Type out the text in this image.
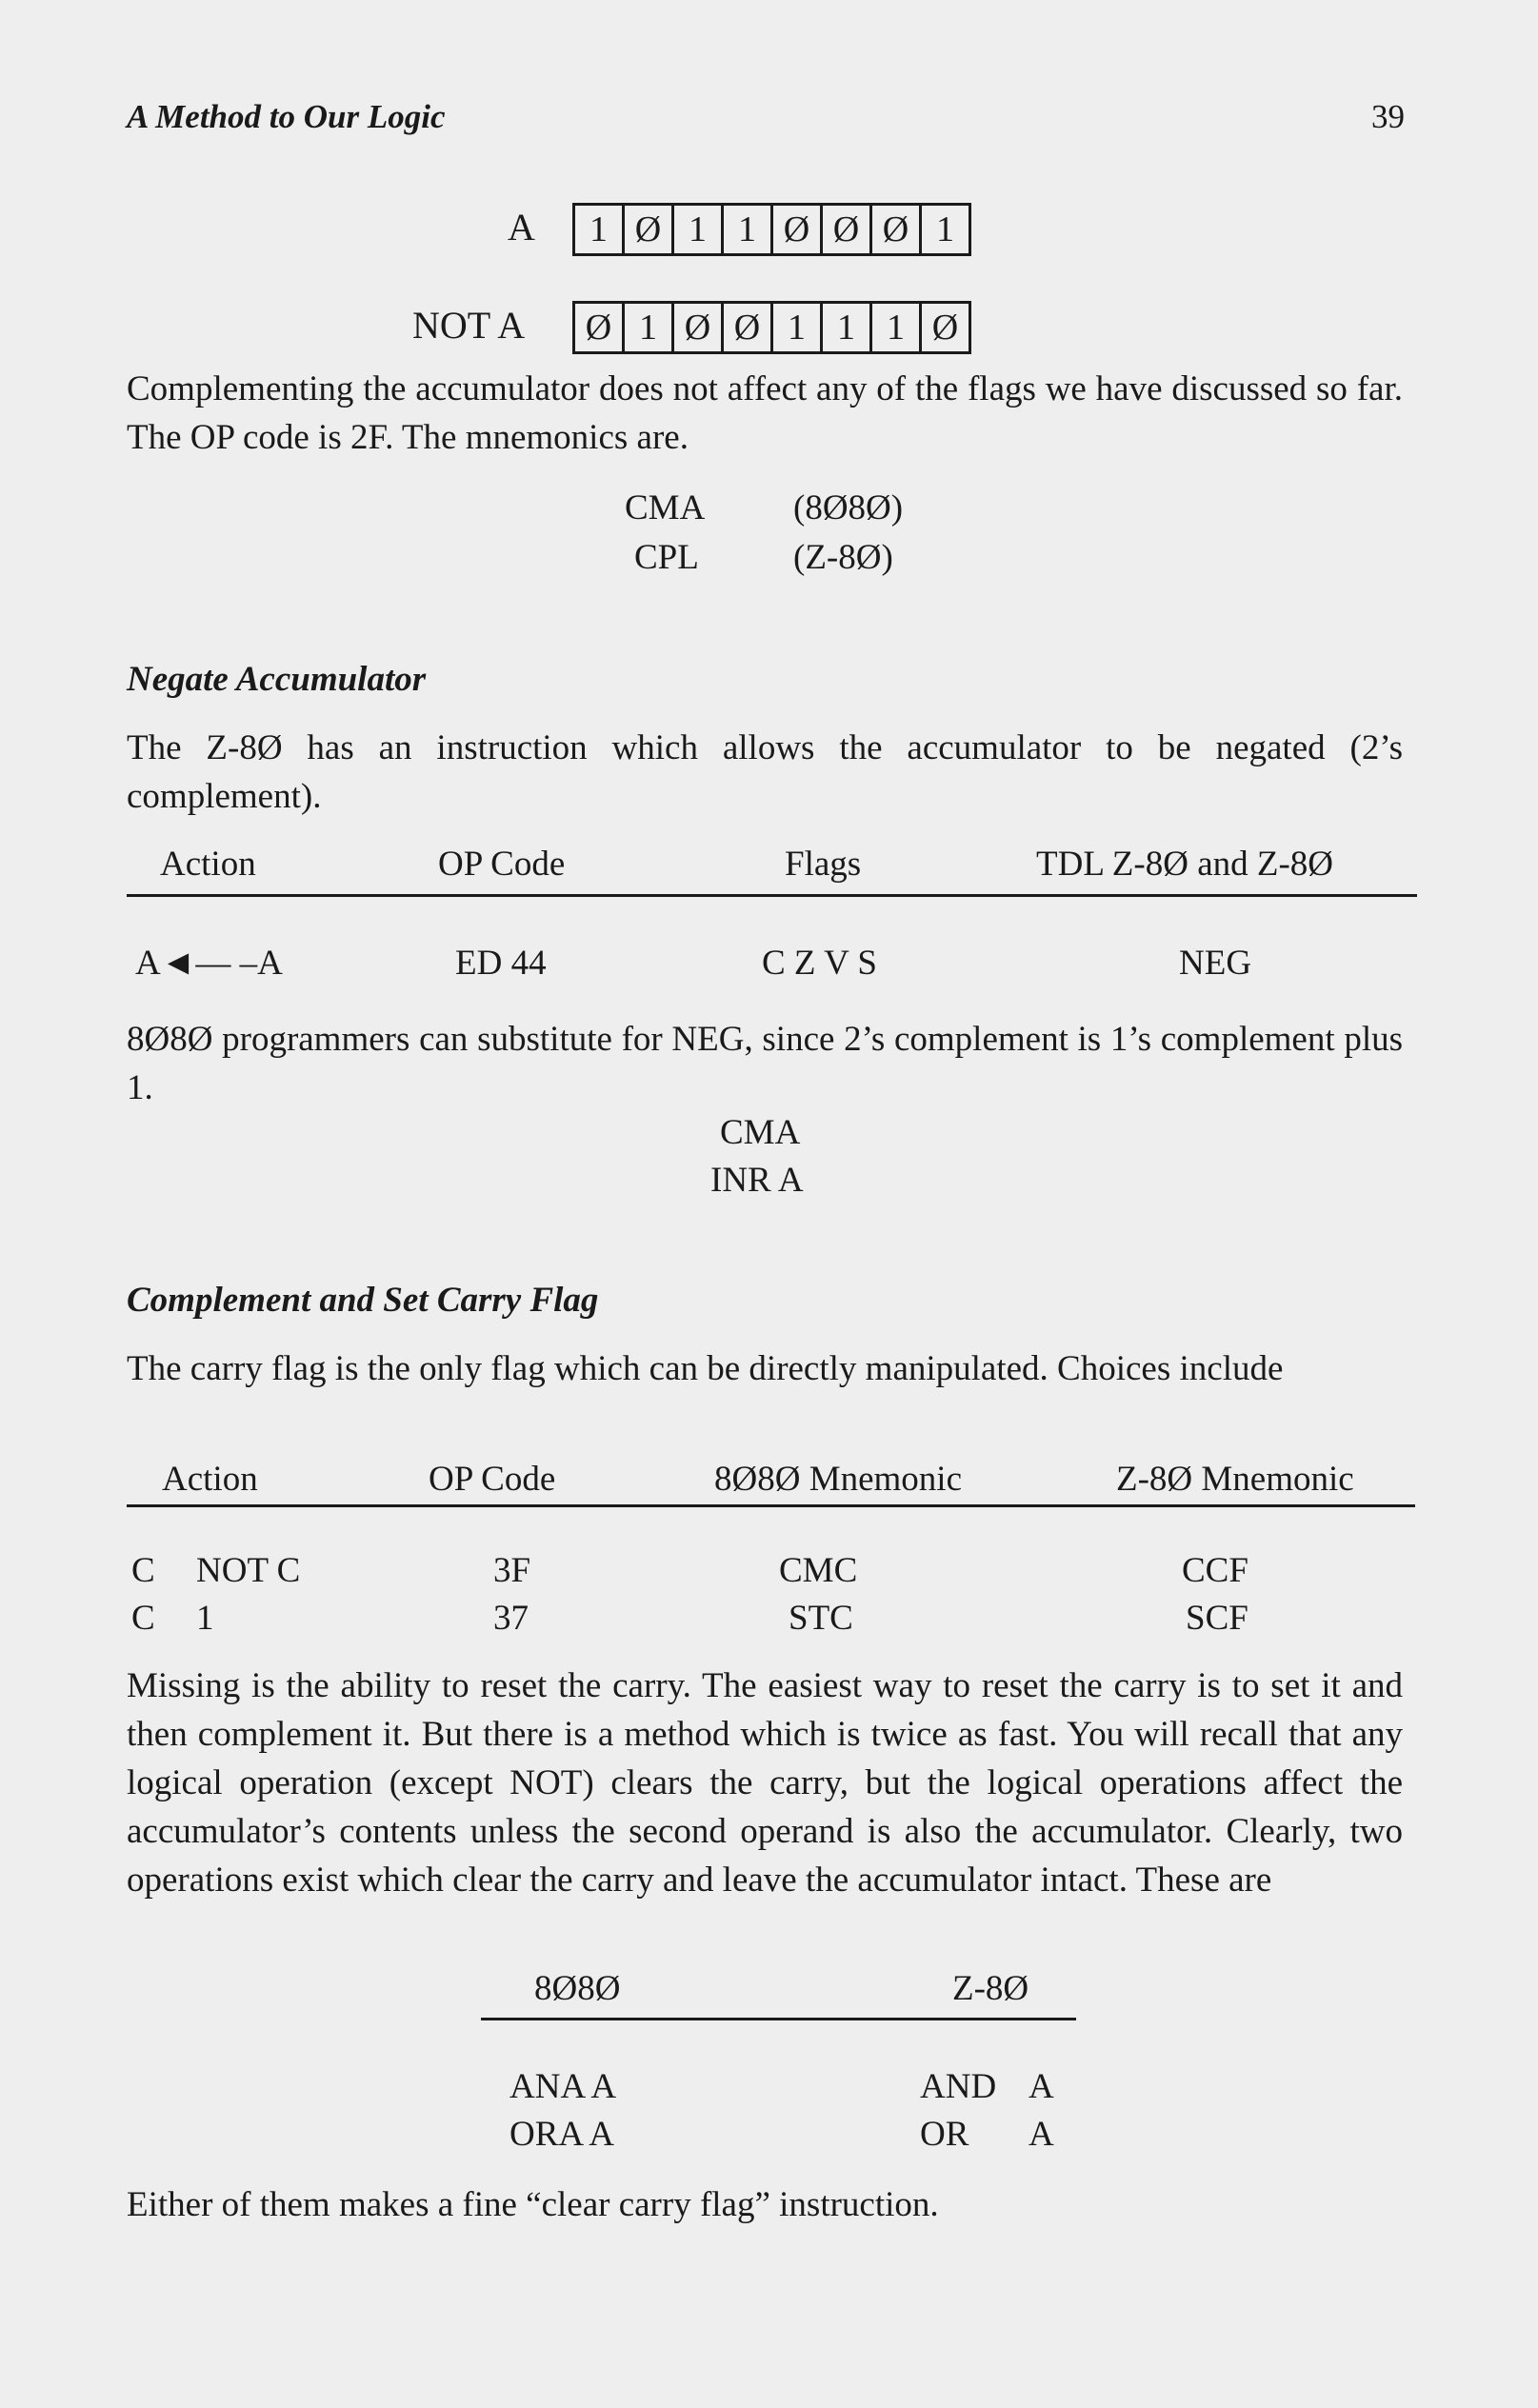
A Method to Our Logic	39
A	1 Ø 1 1 Ø Ø Ø 1
NOT A Ø 1 Ø Ø 1 1 1 Ø
Complementing the accumulator does not affect any of the flags we have discussed so far. The OP code is 2F. The mnemonics are.
CMA	(8Ø8Ø)
CPL	(Z-8Ø)
Negate Accumulator
The Z-8Ø has an instruction which allows the accumulator to be negated (2’s complement).
Action	OP Code	Flags	TDL Z-8Ø and Z-8Ø
A◄— –A	ED 44	C Z V S	NEG
8Ø8Ø programmers can substitute for NEG, since 2’s complement is 1’s complement plus 1.
CMA
INR A
Complement and Set Carry Flag
The carry flag is the only flag which can be directly manipulated. Choices include
Action	OP Code	8Ø8Ø Mnemonic	Z-8Ø Mnemonic
C NOT C	3F	CMC	CCF
C 1	37	STC	SCF
Missing is the ability to reset the carry. The easiest way to reset the carry is to set it and then complement it. But there is a method which is twice as fast. You will recall that any logical operation (except NOT) clears the carry, but the logical operations affect the accumulator’s contents unless the second operand is also the accumulator. Clearly, two operations exist which clear the carry and leave the accumulator intact. These are
8Ø8Ø	Z-8Ø
ANA A	AND A
ORA A	OR A
Either of them makes a fine “clear carry flag” instruction.
